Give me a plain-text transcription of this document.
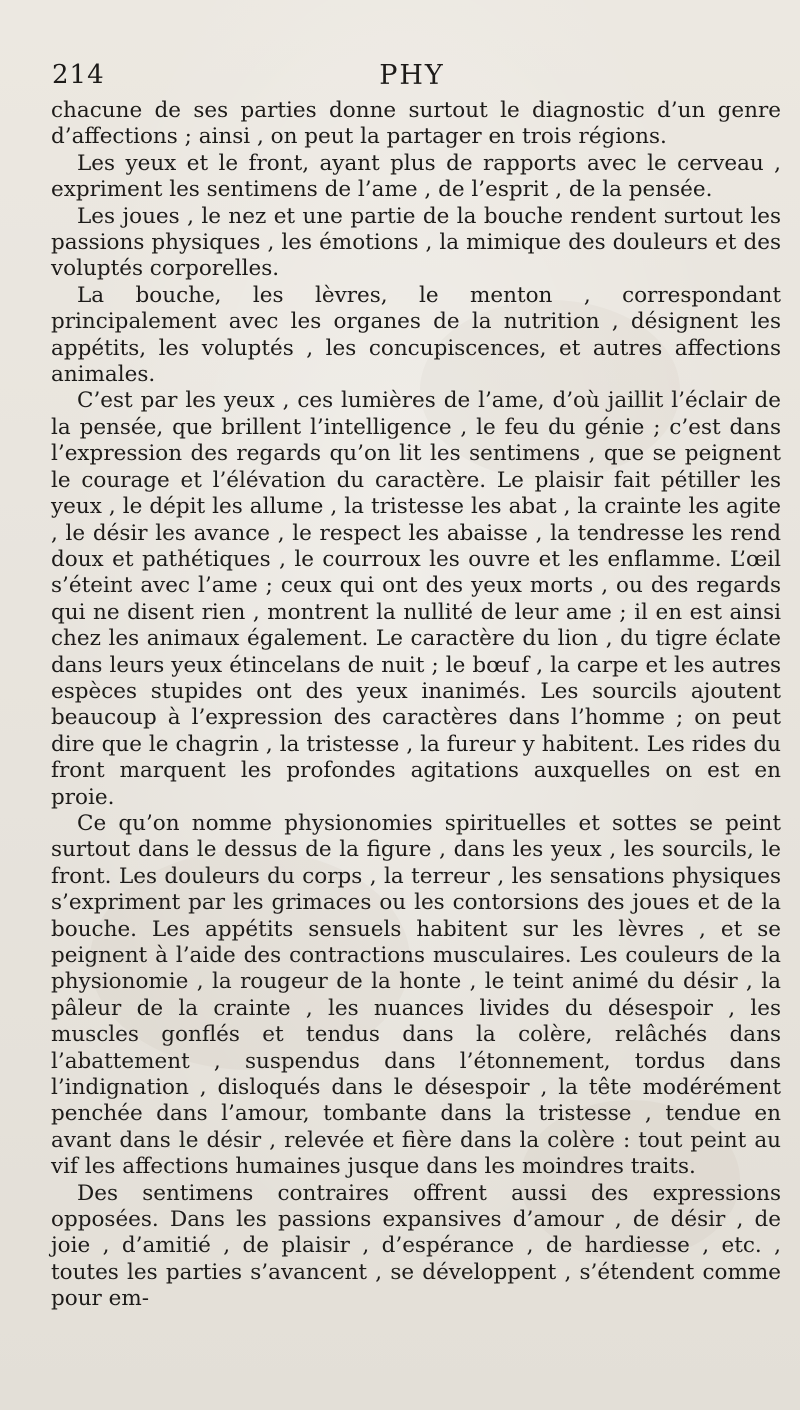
214	PHY

chacune de ses parties donne surtout le diagnostic d’un genre d’affections ; ainsi , on peut la partager en trois régions.

Les yeux et le front, ayant plus de rapports avec le cerveau , expriment les sentimens de l’ame , de l’esprit , de la pensée.

Les joues , le nez et une partie de la bouche rendent surtout les passions physiques , les émotions , la mimique des douleurs et des voluptés corporelles.

La bouche, les lèvres, le menton , correspondant principalement avec les organes de la nutrition , désignent les appétits, les voluptés , les concupiscences, et autres affections animales.

C’est par les yeux , ces lumières de l’ame, d’où jaillit l’éclair de la pensée, que brillent l’intelligence , le feu du génie ; c’est dans l’expression des regards qu’on lit les sentimens , que se peignent le courage et l’élévation du caractère. Le plaisir fait pétiller les yeux , le dépit les allume , la tristesse les abat , la crainte les agite , le désir les avance , le respect les abaisse , la tendresse les rend doux et pathétiques , le courroux les ouvre et les enflamme. L’œil s’éteint avec l’ame ; ceux qui ont des yeux morts , ou des regards qui ne disent rien , montrent la nullité de leur ame ; il en est ainsi chez les animaux également. Le caractère du lion , du tigre éclate dans leurs yeux étincelans de nuit ; le bœuf , la carpe et les autres espèces stupides ont des yeux inanimés. Les sourcils ajoutent beaucoup à l’expression des caractères dans l’homme ; on peut dire que le chagrin , la tristesse , la fureur y habitent. Les rides du front marquent les profondes agitations auxquelles on est en proie.

Ce qu’on nomme physionomies spirituelles et sottes se peint surtout dans le dessus de la figure , dans les yeux , les sourcils, le front. Les douleurs du corps , la terreur , les sensations physiques s’expriment par les grimaces ou les contorsions des joues et de la bouche. Les appétits sensuels habitent sur les lèvres , et se peignent à l’aide des contractions musculaires. Les couleurs de la physionomie , la rougeur de la honte , le teint animé du désir , la pâleur de la crainte , les nuances livides du désespoir , les muscles gonflés et tendus dans la colère, relâchés dans l’abattement , suspendus dans l’étonnement, tordus dans l’indignation , disloqués dans le désespoir , la tête modérément penchée dans l’amour, tombante dans la tristesse , tendue en avant dans le désir , relevée et fière dans la colère : tout peint au vif les affections humaines jusque dans les moindres traits.

Des sentimens contraires offrent aussi des expressions opposées. Dans les passions expansives d’amour , de désir , de joie , d’amitié , de plaisir , d’espérance , de hardiesse , etc. , toutes les parties s’avancent , se développent , s’étendent comme pour em-
